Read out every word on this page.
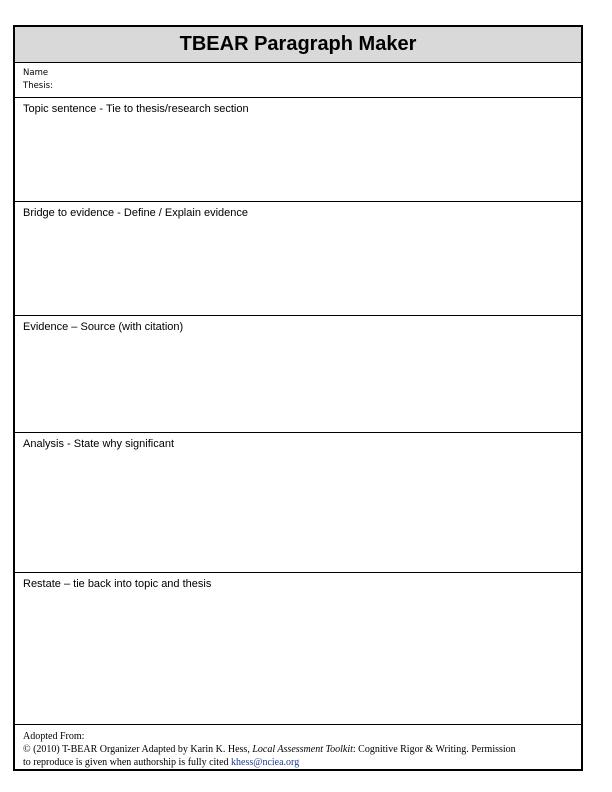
TBEAR Paragraph Maker
Name
Thesis:
Topic sentence - Tie to thesis/research section
Bridge to evidence - Define / Explain evidence
Evidence – Source (with citation)
Analysis - State why significant
Restate – tie back into topic and thesis
Adopted From:
© (2010) T-BEAR Organizer Adapted by Karin K. Hess, Local Assessment Toolkit: Cognitive Rigor & Writing. Permission
to reproduce is given when authorship is fully cited khess@nciea.org
